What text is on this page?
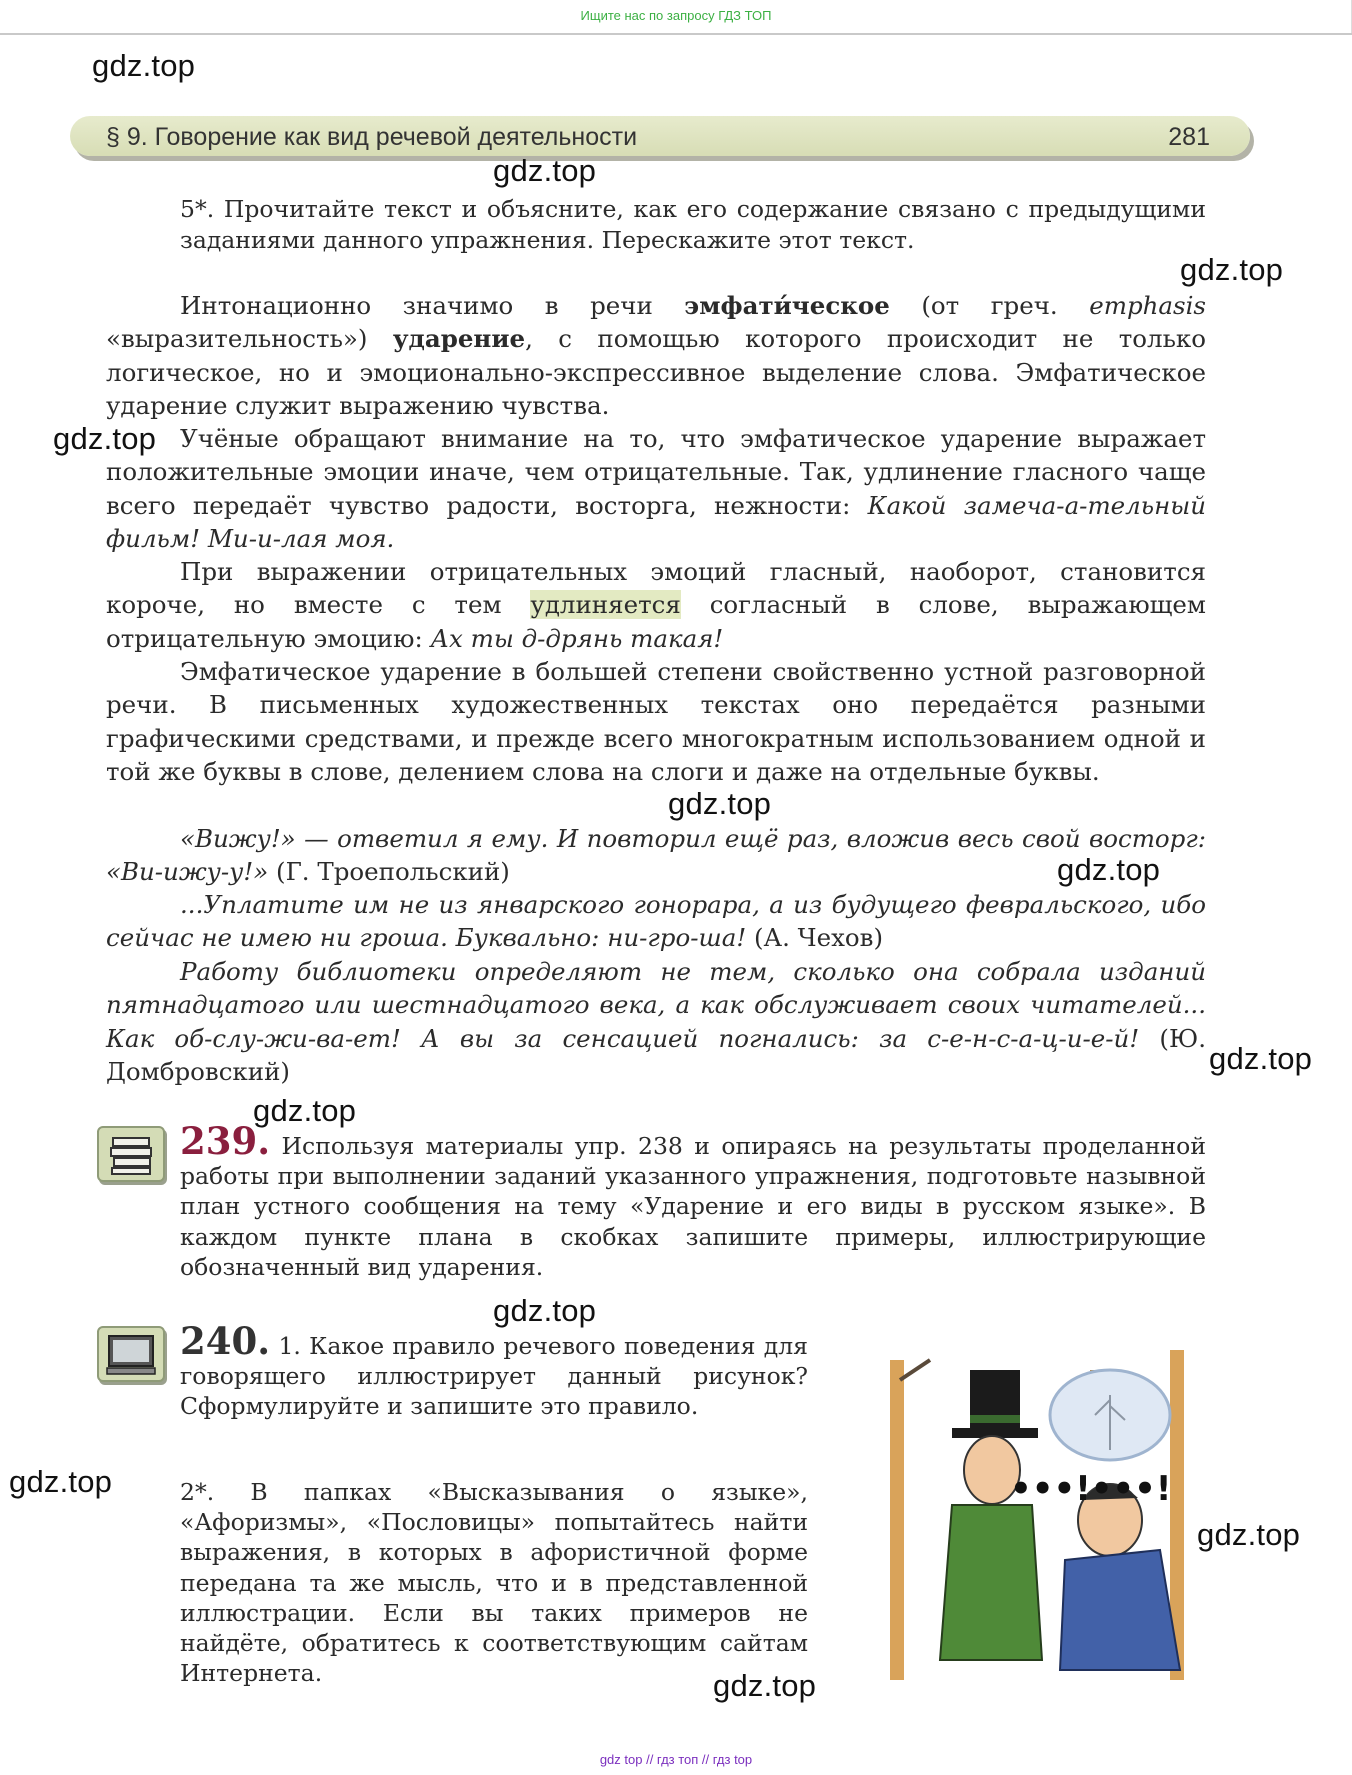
Ищите нас по запросу ГДЗ ТОП
gdz.top
§ 9. Говорение как вид речевой деятельности	281
gdz.top

5*. Прочитайте текст и объясните, как его содержание связано с предыдущими заданиями данного упражнения. Перескажите этот текст.

gdz.top

Интонационно значимо в речи эмфати́ческое (от греч. emphasis «выразительность») ударение, с помощью которого происходит не только логическое, но и эмоционально-экспрессивное выделение слова. Эмфатическое ударение служит выражению чувства.

gdz.top Учёные обращают внимание на то, что эмфатическое ударение выражает положительные эмоции иначе, чем отрицательные. Так, удлинение гласного чаще всего передаёт чувство радости, восторга, нежности: Какой замеча-а-тельный фильм! Ми-и-лая моя.

При выражении отрицательных эмоций гласный, наоборот, становится короче, но вместе с тем удлиняется согласный в слове, выражающем отрицательную эмоцию: Ах ты д-дрянь такая!

Эмфатическое ударение в большей степени свойственно устной разговорной речи. В письменных художественных текстах оно передаётся разными графическими средствами, и прежде всего многократным использованием одной и той же буквы в слове, делением слова на слоги и даже на отдельные буквы.

gdz.top

«Вижу!» — ответил я ему. И повторил ещё раз, вложив весь свой восторг: «Ви-ижу-у!» (Г. Троепольский)	gdz.top

...Уплатите им не из январского гонорара, а из будущего февральского, ибо сейчас не имею ни гроша. Буквально: ни-гро-ша! (А. Чехов)

Работу библиотеки определяют не тем, сколько она собрала изданий пятнадцатого или шестнадцатого века, а как обслуживает своих читателей... Как об-слу-жи-ва-ет! А вы за сенсацией погнались: за с-е-н-с-а-ц-и-е-й! (Ю. Домбровский)	gdz.top
gdz.top

239. Используя материалы упр. 238 и опираясь на результаты проделанной работы при выполнении заданий указанного упражнения, подготовьте назывной план устного сообщения на тему «Ударение и его виды в русском языке». В каждом пункте плана в скобках запишите примеры, иллюстрирующие обозначенный вид ударения.

gdz.top

240. 1. Какое правило речевого поведения для говорящего иллюстрирует данный рисунок? Сформулируйте и запишите это правило.

gdz.top	2*. В папках «Высказывания о языке», «Афоризмы», «Пословицы» попытайтесь найти выражения, в которых в афористичной форме передана та же мысль, что и в представленной иллюстрации. Если вы таких примеров не найдёте, обратитесь к соответствующим сайтам Интернета.

•••!•••!
gdz.top
gdz.top
gdz top // гдз топ // гдз top
